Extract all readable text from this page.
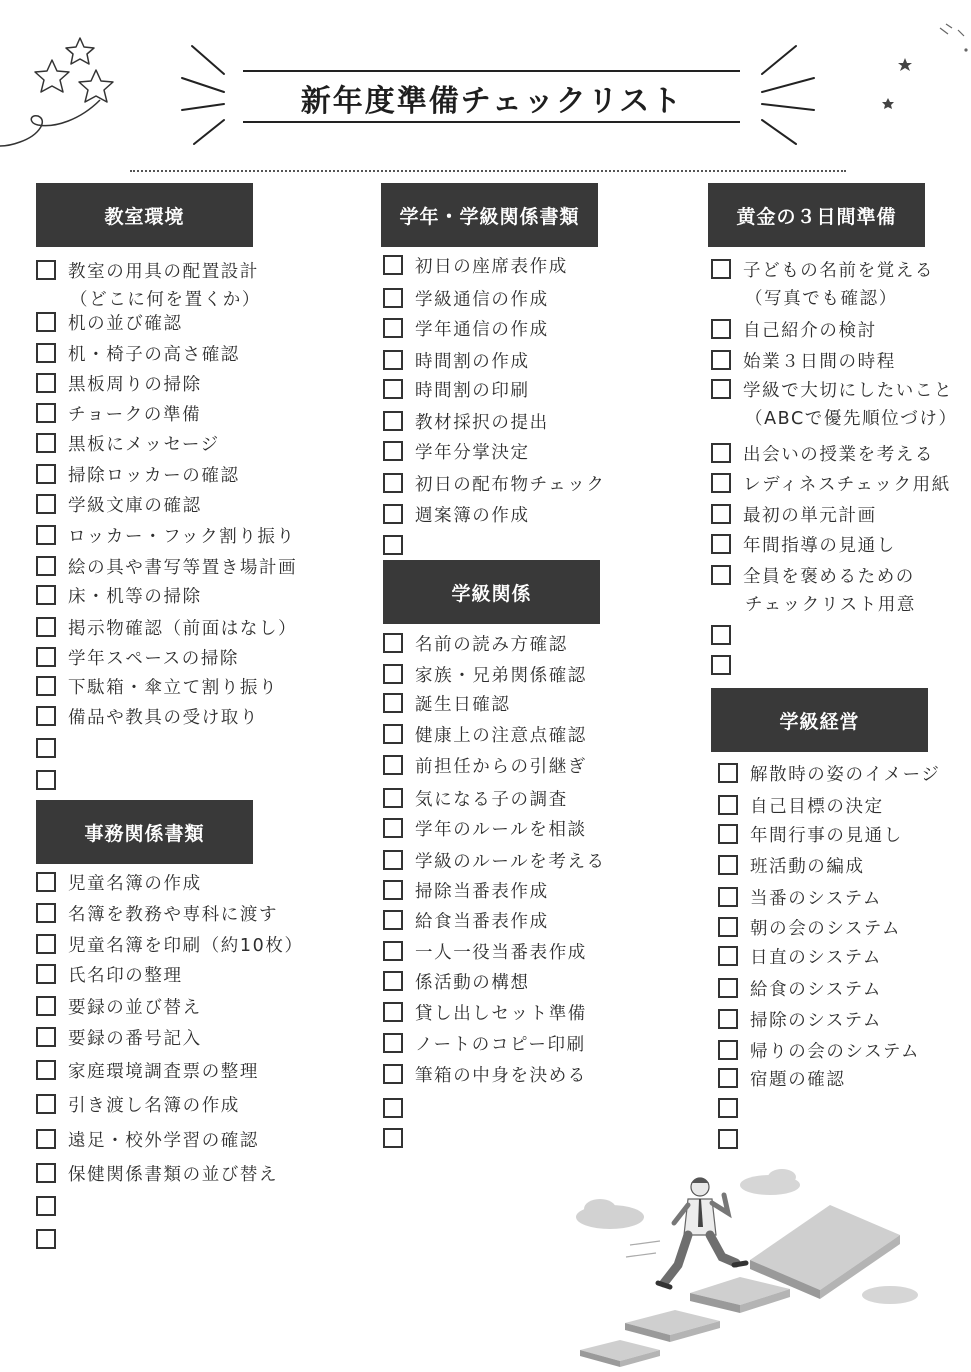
新年度準備チェックリスト
教室環境
事務関係書類
学年・学級関係書類
学級関係
黄金の３日間準備
学級経営
教室の用具の配置設計
（どこに何を置くか）
机の並び確認
机・椅子の高さ確認
黒板周りの掃除
チョークの準備
黒板にメッセージ
掃除ロッカーの確認
学級文庫の確認
ロッカー・フック割り振り
絵の具や書写等置き場計画
床・机等の掃除
掲示物確認（前面はなし）
学年スペースの掃除
下駄箱・傘立て割り振り
備品や教具の受け取り
児童名簿の作成
名簿を教務や専科に渡す
児童名簿を印刷（約10枚）
氏名印の整理
要録の並び替え
要録の番号記入
家庭環境調査票の整理
引き渡し名簿の作成
遠足・校外学習の確認
保健関係書類の並び替え
初日の座席表作成
学級通信の作成
学年通信の作成
時間割の作成
時間割の印刷
教材採択の提出
学年分掌決定
初日の配布物チェック
週案簿の作成
名前の読み方確認
家族・兄弟関係確認
誕生日確認
健康上の注意点確認
前担任からの引継ぎ
気になる子の調査
学年のルールを相談
学級のルールを考える
掃除当番表作成
給食当番表作成
一人一役当番表作成
係活動の構想
貸し出しセット準備
ノートのコピー印刷
筆箱の中身を決める
子どもの名前を覚える
（写真でも確認）
自己紹介の検討
始業３日間の時程
学級で大切にしたいこと
（ABCで優先順位づけ）
出会いの授業を考える
レディネスチェック用紙
最初の単元計画
年間指導の見通し
全員を褒めるための
チェックリスト用意
解散時の姿のイメージ
自己目標の決定
年間行事の見通し
班活動の編成
当番のシステム
朝の会のシステム
日直のシステム
給食のシステム
掃除のシステム
帰りの会のシステム
宿題の確認
